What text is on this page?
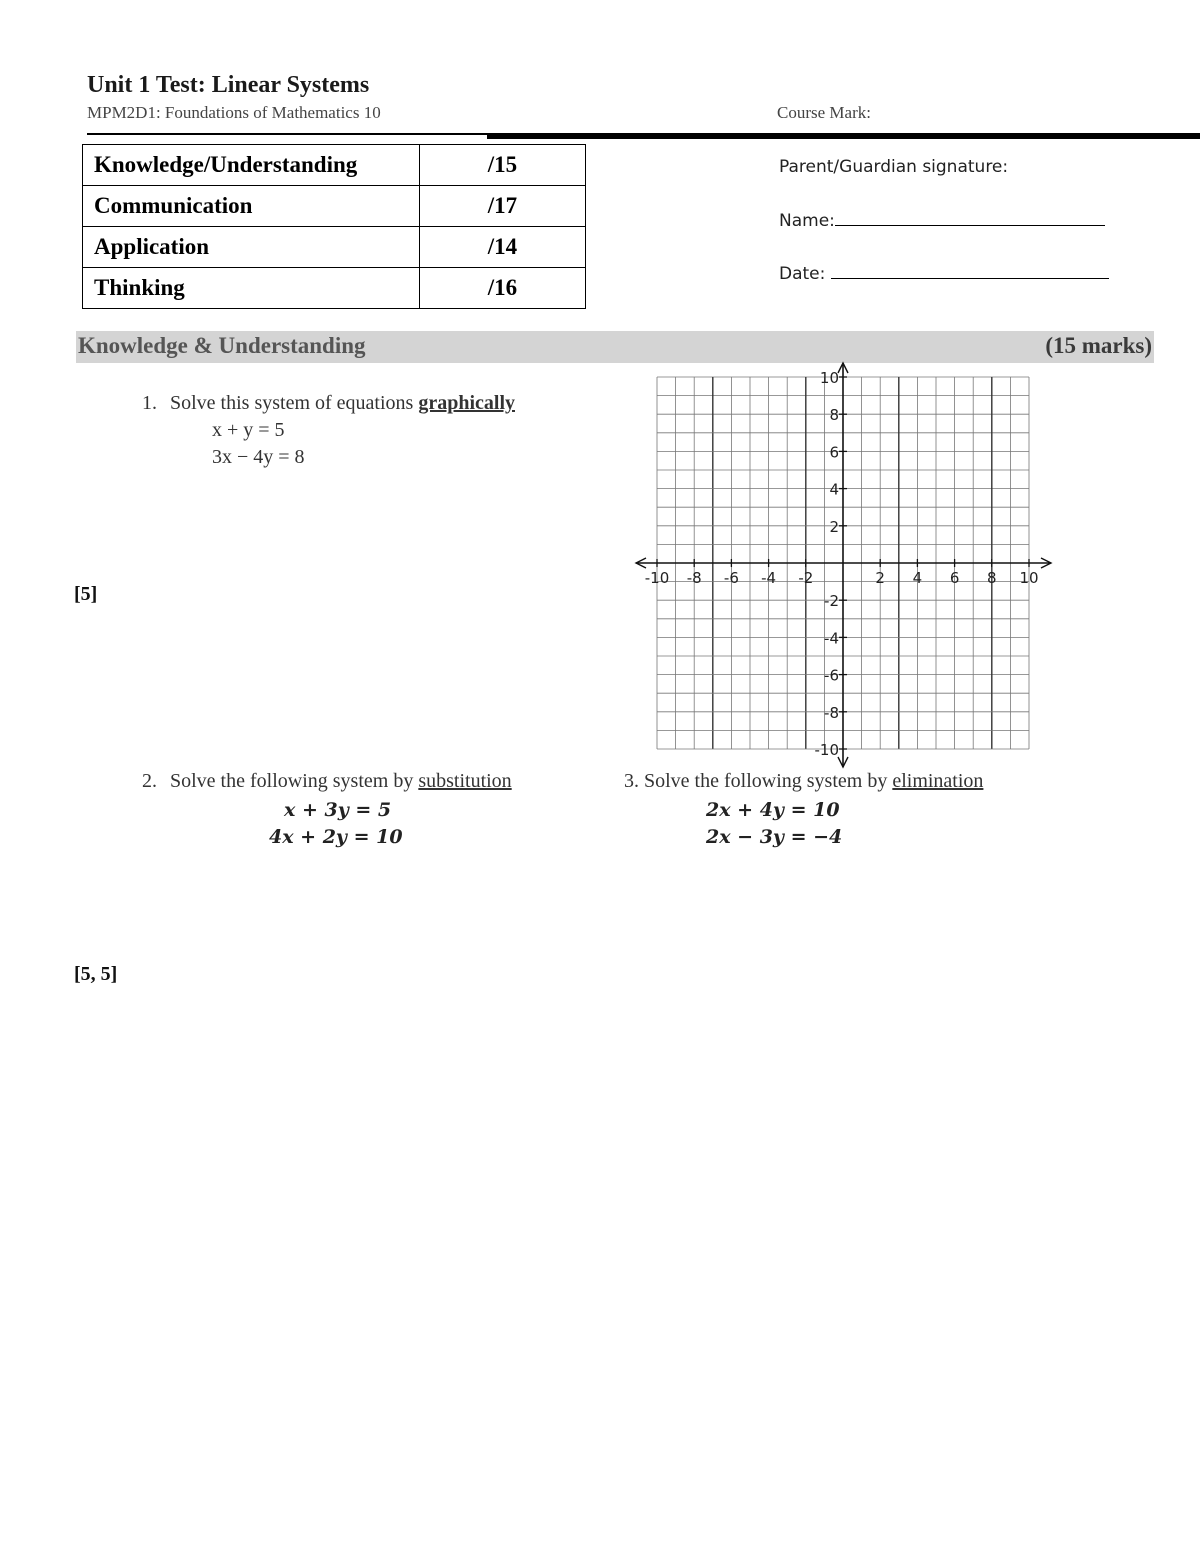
Unit 1 Test: Linear Systems
MPM2D1: Foundations of Mathematics 10	Course Mark:
Knowledge/Understanding	/15
Communication	/17
Application	/14
Thinking	/16
Parent/Guardian signature:
Name:
Date:
Knowledge & Understanding	(15 marks)
1. Solve this system of equations graphically
x + y = 5
3x − 4y = 8
[5]
-10 -8 -6 -4 -2	2 4 6 8 10
10
8
6
4
2
-2
-4
-6
-8
-10
2. Solve the following system by substitution
x + 3y = 5
4x + 2y = 10
3. Solve the following system by elimination
2x + 4y = 10
2x − 3y = −4
[5, 5]
